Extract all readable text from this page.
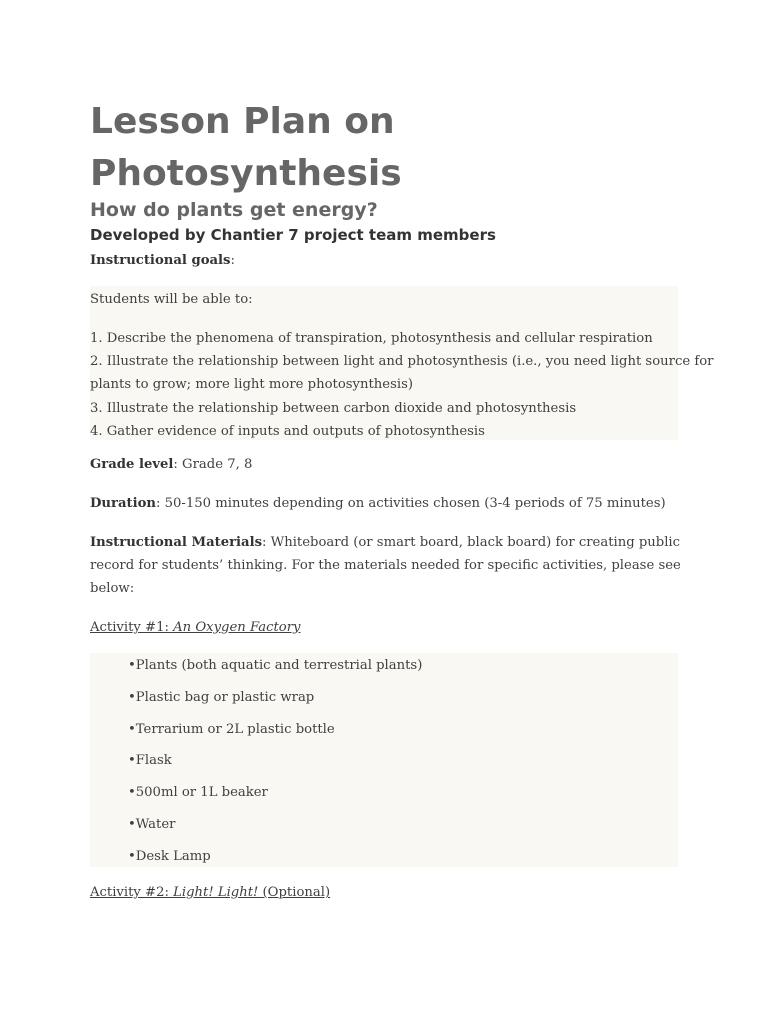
Lesson Plan on
Photosynthesis
How do plants get energy?
Developed by Chantier 7 project team members
Instructional goals:
Students will be able to:
1. Describe the phenomena of transpiration, photosynthesis and cellular respiration
2. Illustrate the relationship between light and photosynthesis (i.e., you need light source for
plants to grow; more light more photosynthesis)
3. Illustrate the relationship between carbon dioxide and photosynthesis
4. Gather evidence of inputs and outputs of photosynthesis
Grade level: Grade 7, 8
Duration: 50-150 minutes depending on activities chosen (3-4 periods of 75 minutes)
Instructional Materials: Whiteboard (or smart board, black board) for creating public
record for students’ thinking. For the materials needed for specific activities, please see
below:
Activity #1: An Oxygen Factory
•Plants (both aquatic and terrestrial plants)
•Plastic bag or plastic wrap
•Terrarium or 2L plastic bottle
•Flask
•500ml or 1L beaker
•Water
•Desk Lamp
Activity #2: Light! Light! (Optional)
